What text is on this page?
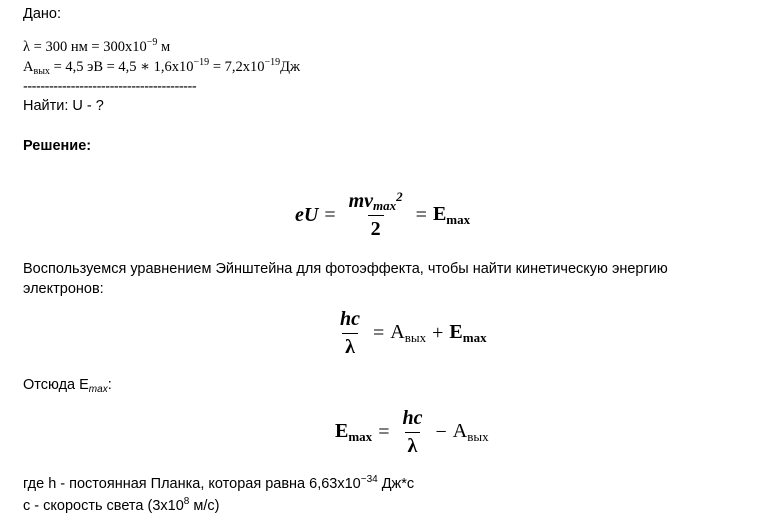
Дано:
λ = 300 нм = $300x10^{-9}$ м
$A_{вых} = 4,5$ эВ = 4,5 ∗ $1,6x10^{-19} = 7,2x10^{-19}Дж$
----------------------------------------
Найти: U - ?
Решение:
eU = $\frac{mv_{max}^2}{2} = E_{max}$
Воспользуемся уравнением Эйнштейна для фотоэффекта, чтобы найти кинетическую энергию
электронов:
$\frac{hc}{\lambda} = A_{вых} + E_{max}$
Отсюда $E_{max}$:
$E_{max} = \frac{hc}{\lambda} - A_{вых}$
где h - постоянная Планка, которая равна $6,63x10^{-34}$ Дж*с
c - скорость света ($3x10^8$ м/с)
